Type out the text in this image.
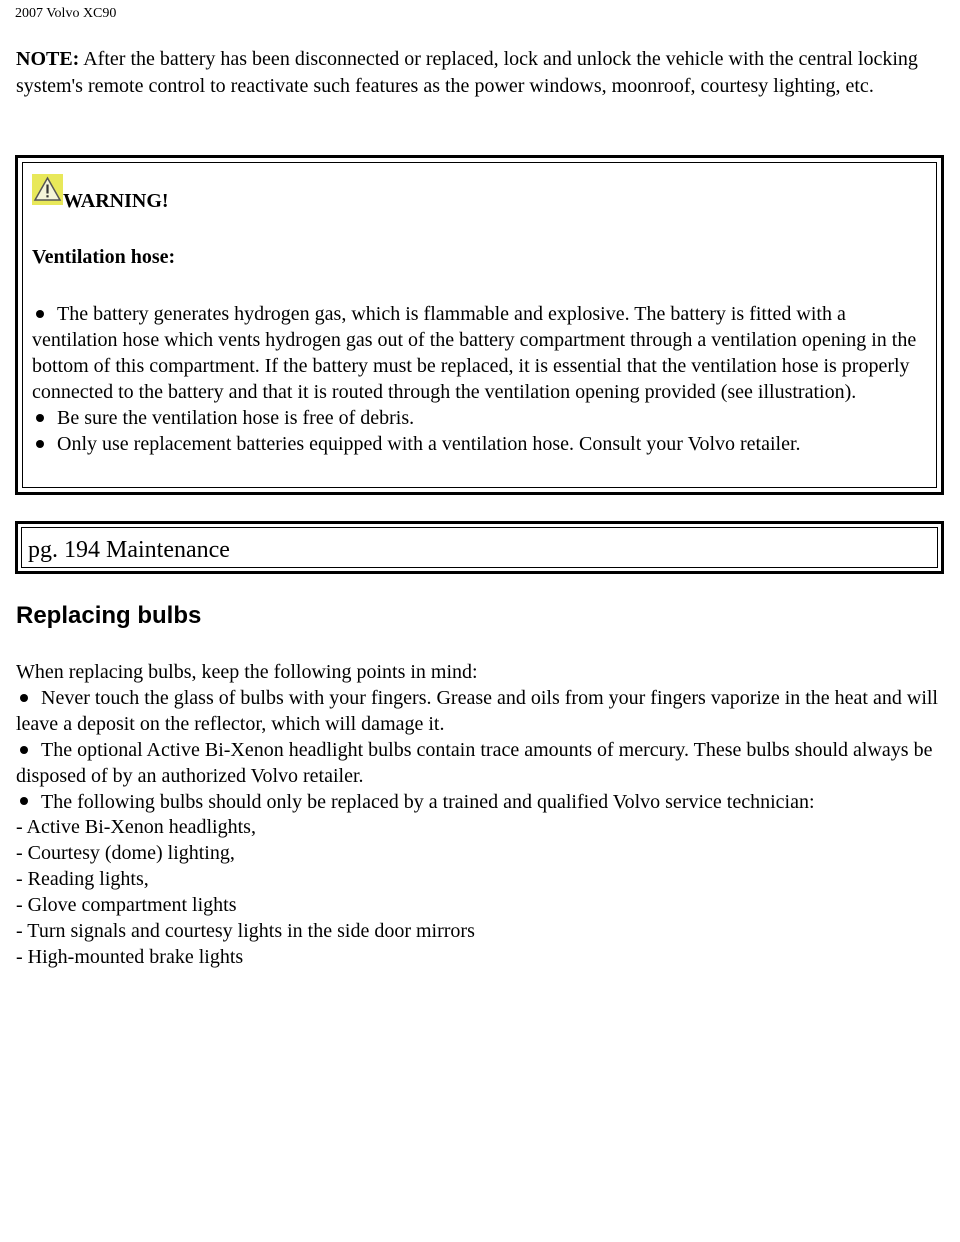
2007 Volvo XC90
NOTE: After the battery has been disconnected or replaced, lock and unlock the vehicle with the central locking system's remote control to reactivate such features as the power windows, moonroof, courtesy lighting, etc.
WARNING!
Ventilation hose:
The battery generates hydrogen gas, which is flammable and explosive. The battery is fitted with a ventilation hose which vents hydrogen gas out of the battery compartment through a ventilation opening in the bottom of this compartment. If the battery must be replaced, it is essential that the ventilation hose is properly connected to the battery and that it is routed through the ventilation opening provided (see illustration).
Be sure the ventilation hose is free of debris.
Only use replacement batteries equipped with a ventilation hose. Consult your Volvo retailer.
pg. 194 Maintenance
Replacing bulbs
When replacing bulbs, keep the following points in mind:
Never touch the glass of bulbs with your fingers. Grease and oils from your fingers vaporize in the heat and will leave a deposit on the reflector, which will damage it.
The optional Active Bi-Xenon headlight bulbs contain trace amounts of mercury. These bulbs should always be disposed of by an authorized Volvo retailer.
The following bulbs should only be replaced by a trained and qualified Volvo service technician:
- Active Bi-Xenon headlights,
- Courtesy (dome) lighting,
- Reading lights,
- Glove compartment lights
- Turn signals and courtesy lights in the side door mirrors
- High-mounted brake lights
